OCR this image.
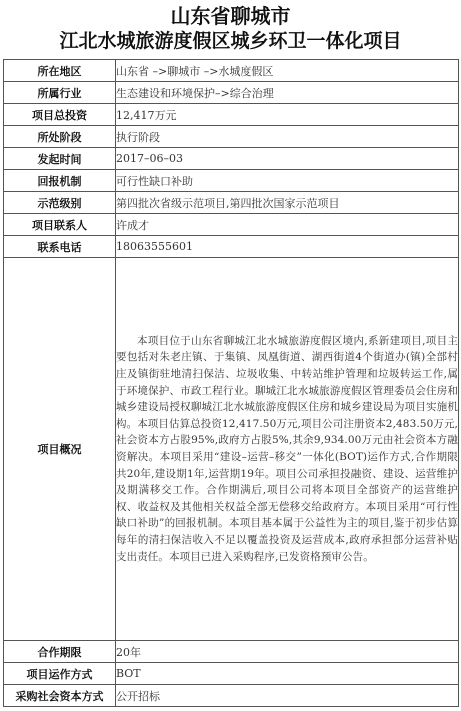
山东省聊城市
江北水城旅游度假区城乡环卫一体化项目
所在地区	山东省 –>聊城市 –>水城度假区
所属行业	生态建设和环境保护–>综合治理
项目总投资	12,417万元
所处阶段	执行阶段
发起时间	2017–06–03
回报机制	可行性缺口补助
示范级别	第四批次省级示范项目,第四批次国家示范项目
项目联系人	许成才
联系电话	18063555601
项目概况	本项目位于山东省聊城江北水城旅游度假区境内,系新建项目,项目主要包括对朱老庄镇、于集镇、凤凰街道、湖西街道4个街道办(镇)全部村庄及镇街驻地清扫保洁、垃圾收集、中转站维护管理和垃圾转运工作,属于环境保护、市政工程行业。聊城江北水城旅游度假区管理委员会住房和城乡建设局授权聊城江北水城旅游度假区住房和城乡建设局为项目实施机构。本项目估算总投资12,417.50万元,项目公司注册资本2,483.50万元,社会资本方占股95%,政府方占股5%,其余9,934.00万元由社会资本方融资解决。本项目采用“建设–运营–移交”一体化(BOT)运作方式,合作期限共20年,建设期1年,运营期19年。项目公司承担投融资、建设、运营维护及期满移交工作。合作期满后,项目公司将本项目全部资产的运营维护权、收益权及其他相关权益全部无偿移交给政府方。本项目采用“可行性缺口补助”的回报机制。本项目基本属于公益性为主的项目,鉴于初步估算每年的清扫保洁收入不足以覆盖投资及运营成本,政府承担部分运营补贴支出责任。本项目已进入采购程序,已发资格预审公告。

合作期限	20年
项目运作方式	BOT
采购社会资本方式	公开招标
